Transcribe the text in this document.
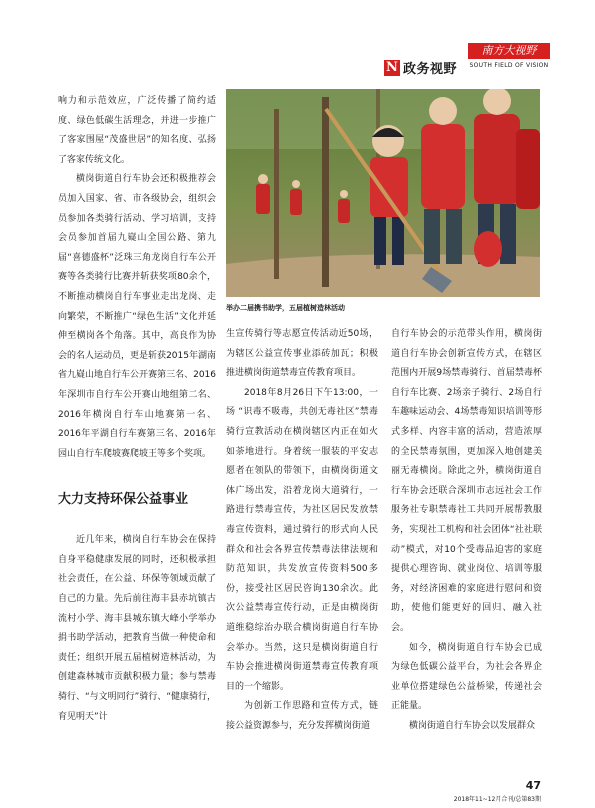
N 政务视野
南方大视野
SOUTH FIELD OF VISION
举办二届携书助学，五届植树造林活动

响力和示范效应，广泛传播了简约适度、绿色低碳生活理念，并进一步推广了客家围屋“茂盛世居”的知名度、弘扬了客家传统文化。

横岗街道自行车协会还积极推荐会员加入国家、省、市各级协会，组织会员参加各类骑行活动、学习培训，支持会员参加首届九嶷山全国公路、第九届“喜德盛杯”泛珠三角龙岗自行车公开赛等各类骑行比赛并斩获奖项80余个，不断推动横岗自行车事业走出龙岗、走向繁荣，不断推广“绿色生活”文化并延伸至横岗各个角落。其中，高良作为协会的名人运动员，更是斩获2015年湖南省九嶷山地自行车公开赛第三名、2016年深圳市自行车公开赛山地组第二名、2016年横岗自行车山地赛第一名、2016年平湖自行车赛第三名、2016年园山自行车爬坡赛爬坡王等多个奖项。

大力支持环保公益事业

近几年来，横岗自行车协会在保持自身平稳健康发展的同时，还积极承担社会责任，在公益、环保等领域贡献了自己的力量。先后前往海丰县赤坑镇古流村小学、海丰县城东镇大峰小学举办捐书助学活动，把教育当做一种使命和责任；组织开展五届植树造林活动，为创建森林城市贡献积极力量；参与禁毒骑行、“与文明同行”骑行、“健康骑行，育见明天”计

生宣传骑行等志愿宣传活动近50场，为辖区公益宣传事业添砖加瓦；积极推进横岗街道禁毒宣传教育项目。

2018年8月26日下午13:00，一场 “识毒不吸毒，共创无毒社区”禁毒骑行宣教活动在横岗辖区内正在如火如荼地进行。身着统一服装的平安志愿者在领队的带领下，由横岗街道文体广场出发，沿着龙岗大道骑行，一路进行禁毒宣传，为社区居民发放禁毒宣传资料，通过骑行的形式向人民群众和社会各界宣传禁毒法律法规和防范知识，共发放宣传资料500多份，接受社区居民咨询130余次。此次公益禁毒宣传行动，正是由横岗街道维稳综治办联合横岗街道自行车协会举办。当然，这只是横岗街道自行车协会推进横岗街道禁毒宣传教育项目的一个缩影。

为创新工作思路和宣传方式，链接公益资源参与，充分发挥横岗街道

自行车协会的示范带头作用，横岗街道自行车协会创新宣传方式，在辖区范围内开展9场禁毒骑行、首届禁毒杯自行车比赛、2场亲子骑行、2场自行车趣味运动会、4场禁毒知识培训等形式多样、内容丰富的活动，营造浓厚的全民禁毒氛围，更加深入地创建美丽无毒横岗。除此之外，横岗街道自行车协会还联合深圳市志远社会工作服务社专职禁毒社工共同开展帮教服务，实现社工机构和社会团体“社社联动”模式，对10个受毒品迫害的家庭提供心理咨询、就业岗位、培训等服务，对经济困难的家庭进行慰问和资助，使他们能更好的回归、融入社会。

如今，横岗街道自行车协会已成为绿色低碳公益平台，为社会各界企业单位搭建绿色公益桥梁，传递社会正能量。

横岗街道自行车协会以发展群众

47
2018年11~12月合刊/总第83期
